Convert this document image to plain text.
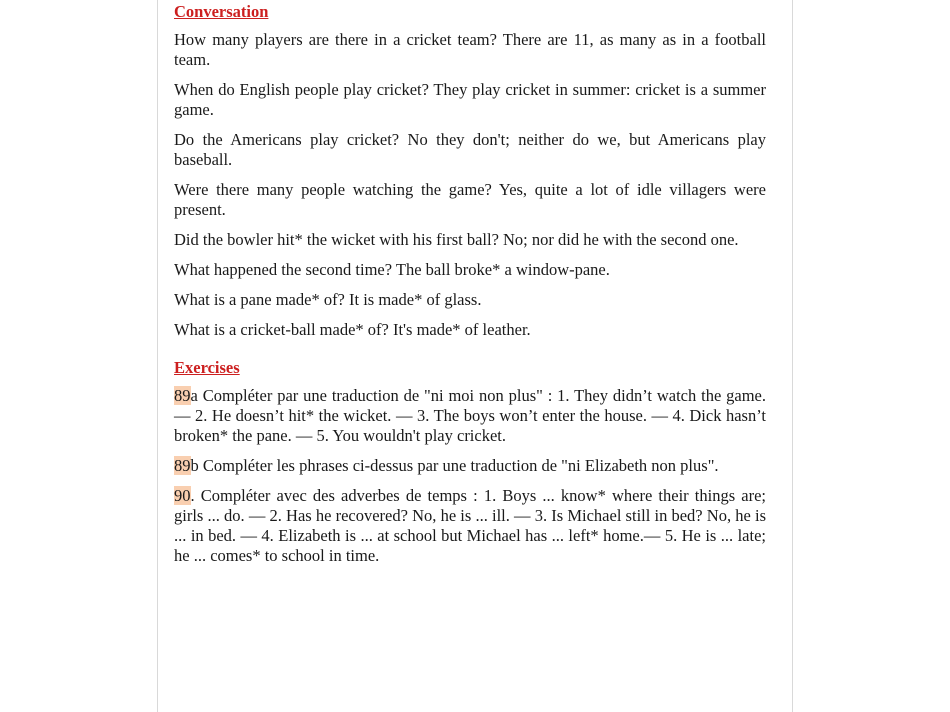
Conversation

How many players are there in a cricket team? There are 11, as many as in a football team.

When do English people play cricket? They play cricket in summer: cricket is a summer game.

Do the Americans play cricket? No they don't; neither do we, but Americans play baseball.

Were there many people watching the game? Yes, quite a lot of idle villagers were present.

Did the bowler hit* the wicket with his first ball? No; nor did he with the second one.

What happened the second time? The ball broke* a window-pane.

What is a pane made* of? It is made* of glass.

What is a cricket-ball made* of? It's made* of leather.

Exercises

89a Compléter par une traduction de "ni moi non plus" : 1. They didn’t watch the game. — 2. He doesn’t hit* the wicket. — 3. The boys won’t enter the house. — 4. Dick hasn’t broken* the pane. — 5. You wouldn't play cricket.

89b Compléter les phrases ci-dessus par une traduction de "ni Elizabeth non plus".

90. Compléter avec des adverbes de temps : 1. Boys ... know* where their things are; girls ... do. — 2. Has he recovered? No, he is ... ill. — 3. Is Michael still in bed? No, he is ... in bed. — 4. Elizabeth is ... at school but Michael has ... left* home.— 5. He is ... late; he ... comes* to school in time.
